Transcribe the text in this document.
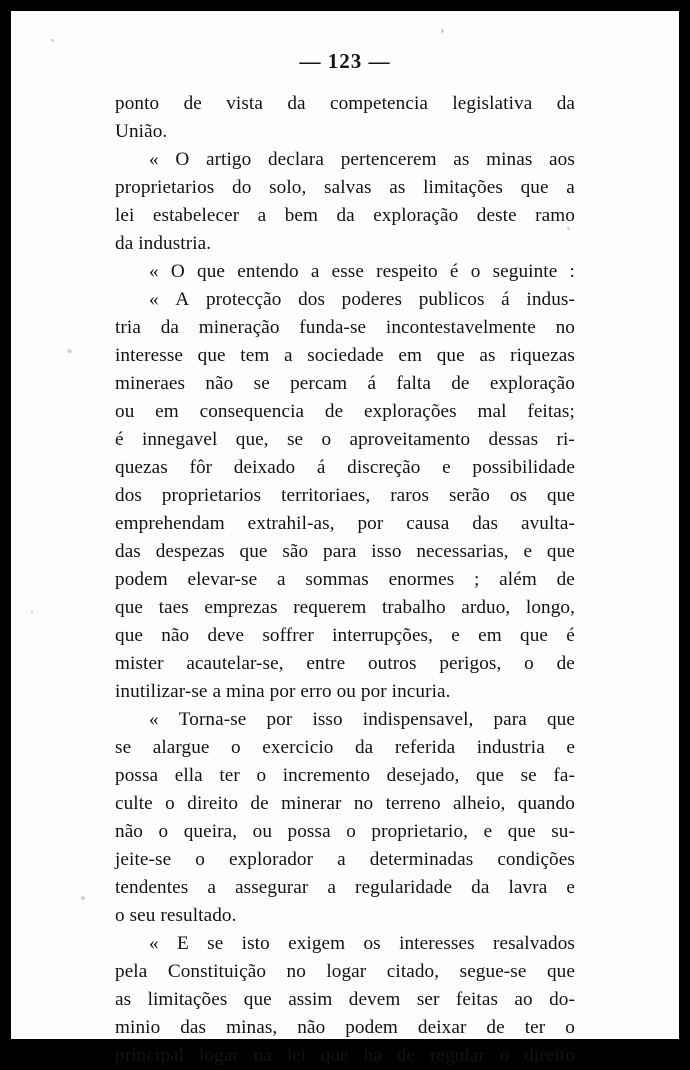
— 123 —
ponto de vista da competencia legislativa da
União.
« O artigo declara pertencerem as minas aos
proprietarios do solo, salvas as limitações que a
lei estabelecer a bem da exploração deste ramo
da industria.
« O que entendo a esse respeito é o seguinte :
« A protecção dos poderes publicos á indus-
tria da mineração funda-se incontestavelmente no
interesse que tem a sociedade em que as riquezas
mineraes não se percam á falta de exploração
ou em consequencia de explorações mal feitas;
é innegavel que, se o aproveitamento dessas ri-
quezas fôr deixado á discreção e possibilidade
dos proprietarios territoriaes, raros serão os que
emprehendam extrahil-as, por causa das avulta-
das despezas que são para isso necessarias, e que
podem elevar-se a sommas enormes ; além de
que taes emprezas requerem trabalho arduo, longo,
que não deve soffrer interrupções, e em que é
mister acautelar-se, entre outros perigos, o de
inutilizar-se a mina por erro ou por incuria.
« Torna-se por isso indispensavel, para que
se alargue o exercicio da referida industria e
possa ella ter o incremento desejado, que se fa-
culte o direito de minerar no terreno alheio, quando
não o queira, ou possa o proprietario, e que su-
jeite-se o explorador a determinadas condições
tendentes a assegurar a regularidade da lavra e
o seu resultado.
« E se isto exigem os interesses resalvados
pela Constituição no logar citado, segue-se que
as limitações que assim devem ser feitas ao do-
minio das minas, não podem deixar de ter o
principal logar na lei que ha de regular o direito
